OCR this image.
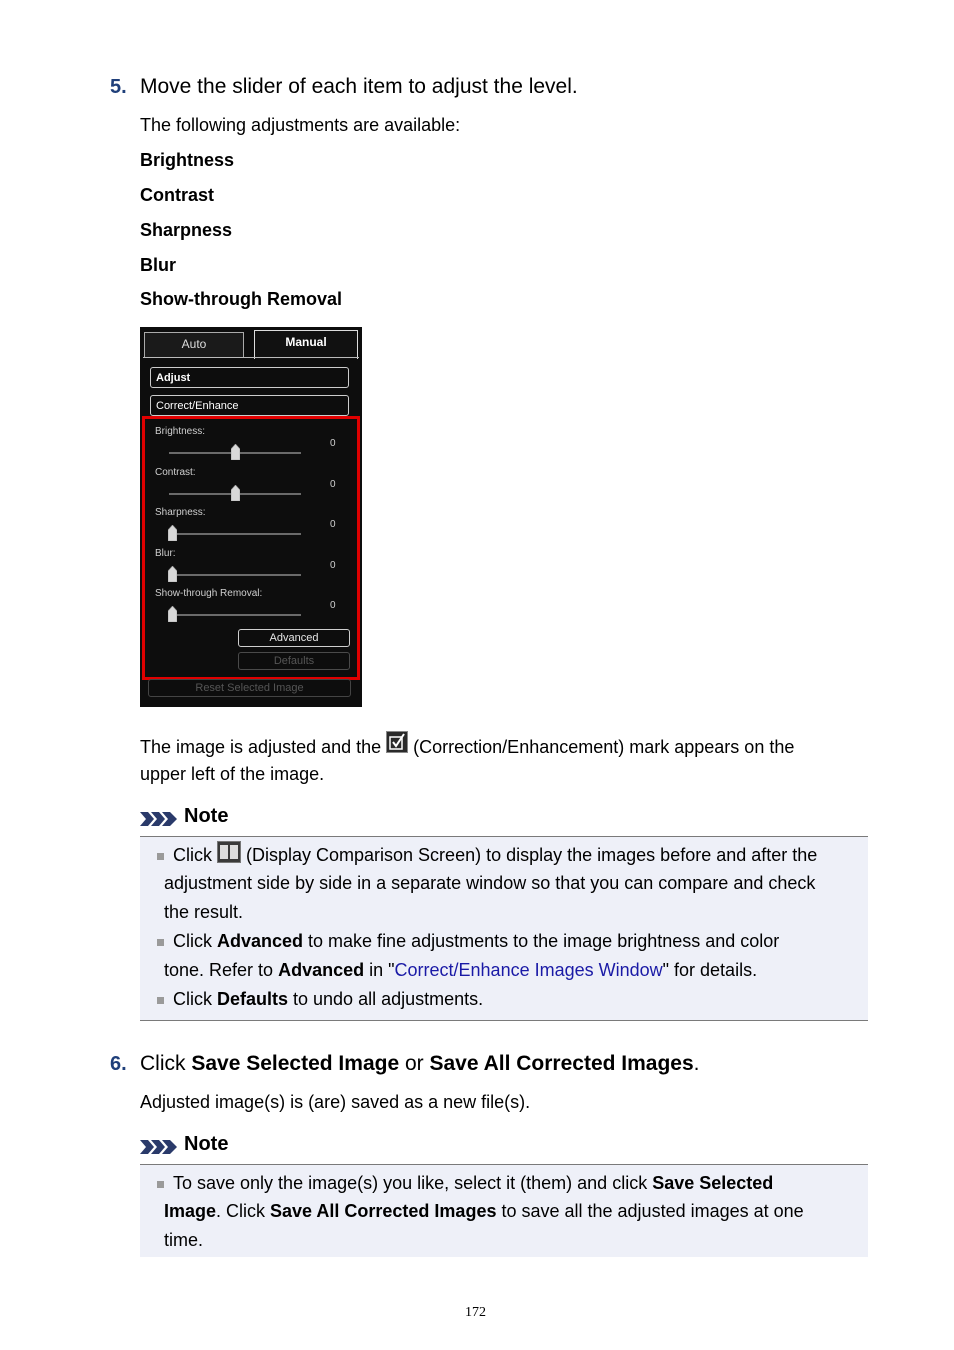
5. Move the slider of each item to adjust the level.
The following adjustments are available:
Brightness
Contrast
Sharpness
Blur
Show-through Removal
Auto	Manual
Adjust
Correct/Enhance
Brightness:
0
Contrast:
0
Sharpness:
0
Blur:
0
Show-through Removal:
0
Advanced
Defaults
Reset Selected Image
The image is adjusted and the  (Correction/Enhancement) mark appears on the
upper left of the image.
Note
Click  (Display Comparison Screen) to display the images before and after the
adjustment side by side in a separate window so that you can compare and check
the result.
Click Advanced to make fine adjustments to the image brightness and color
tone. Refer to Advanced in "Correct/Enhance Images Window" for details.
Click Defaults to undo all adjustments.
6. Click Save Selected Image or Save All Corrected Images.
Adjusted image(s) is (are) saved as a new file(s).
Note
To save only the image(s) you like, select it (them) and click Save Selected
Image. Click Save All Corrected Images to save all the adjusted images at one
time.
172
